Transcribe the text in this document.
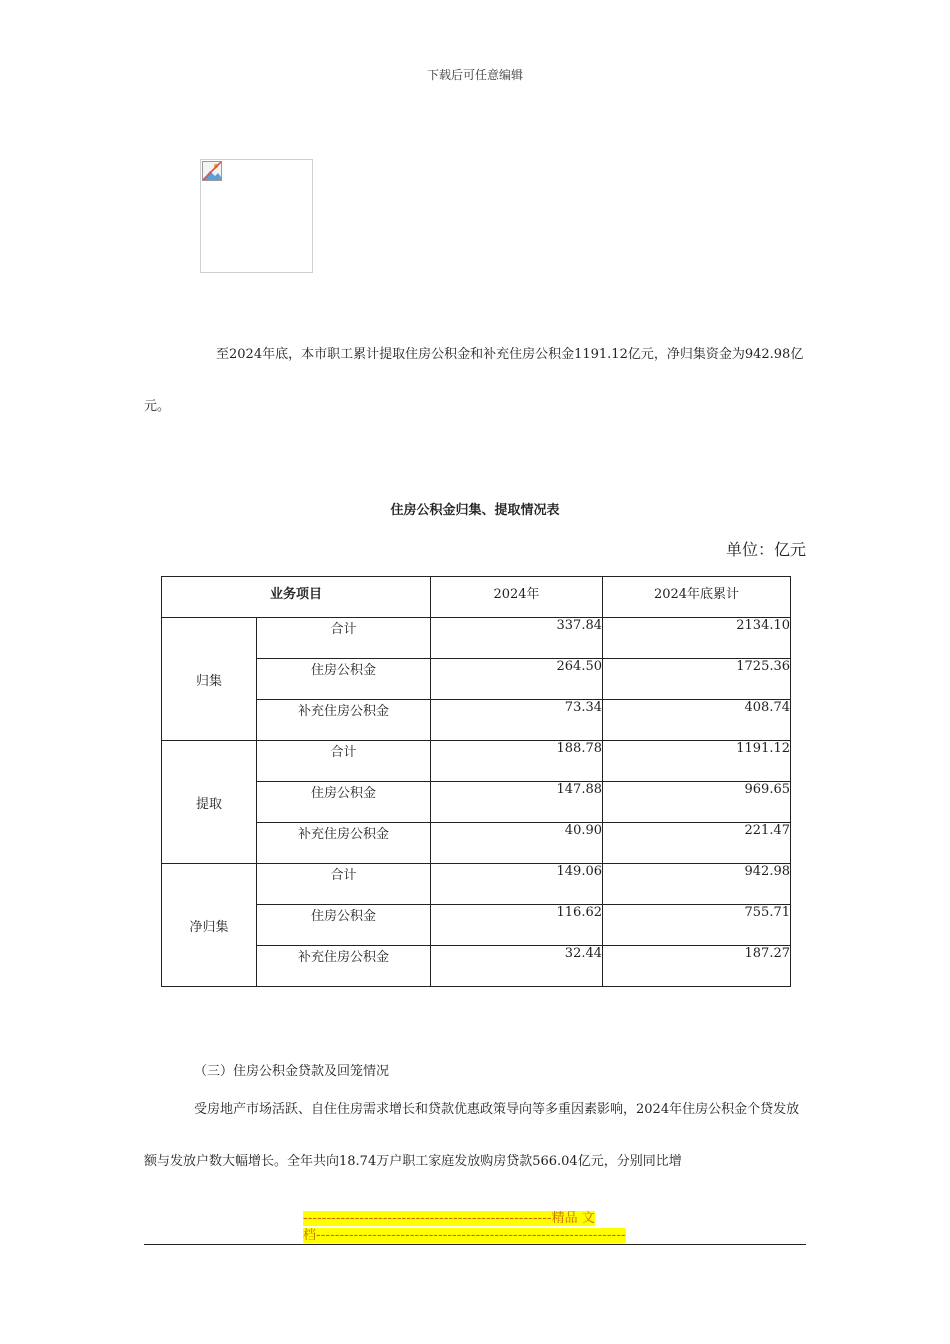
下载后可任意编辑
至2024年底，本市职工累计提取住房公积金和补充住房公积金1191.12亿元，净归集资金为942.98亿元。
住房公积金归集、提取情况表
单位：亿元
业务项目		2024年	2024年底累计
归集	合计	337.84	2134.10
	住房公积金	264.50	1725.36
	补充住房公积金	73.34	408.74
提取	合计	188.78	1191.12
	住房公积金	147.88	969.65
	补充住房公积金	40.90	221.47
净归集	合计	149.06	942.98
	住房公积金	116.62	755.71
	补充住房公积金	32.44	187.27
（三）住房公积金贷款及回笼情况
受房地产市场活跃、自住住房需求增长和贷款优惠政策导向等多重因素影响，2024年住房公积金个贷发放额与发放户数大幅增长。全年共向18.74万户职工家庭发放购房贷款566.04亿元，分别同比增
-----------------------------------------------------精品 文
档------------------------------------------------------------------
